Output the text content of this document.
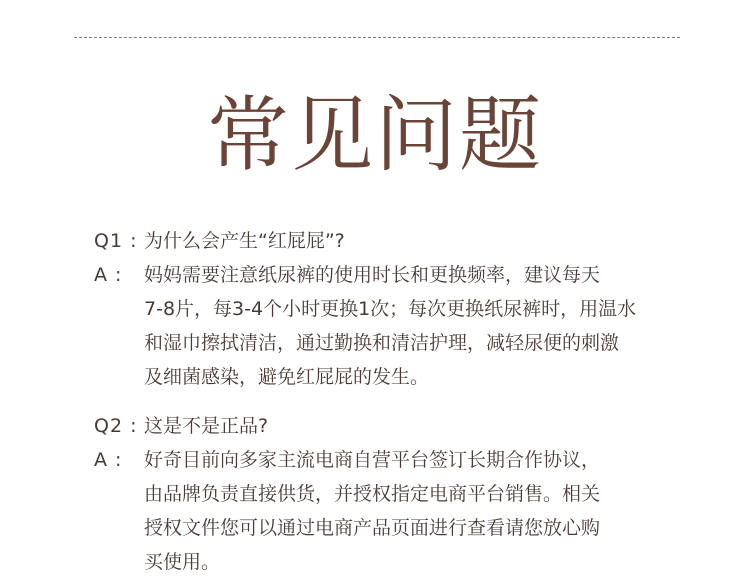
常见问题
Q1 : 为什么会产生“红屁屁”?
A :	妈妈需要注意纸尿裤的使用时长和更换频率，建议每天
7-8片，每3-4个小时更换1次；每次更换纸尿裤时，用温水
和湿巾擦拭清洁，通过勤换和清洁护理，减轻尿便的刺激
及细菌感染，避免红屁屁的发生。
Q2 : 这是不是正品?
A :	好奇目前向多家主流电商自营平台签订长期合作协议，
由品牌负责直接供货，并授权指定电商平台销售。相关
授权文件您可以通过电商产品页面进行查看请您放心购
买使用。
